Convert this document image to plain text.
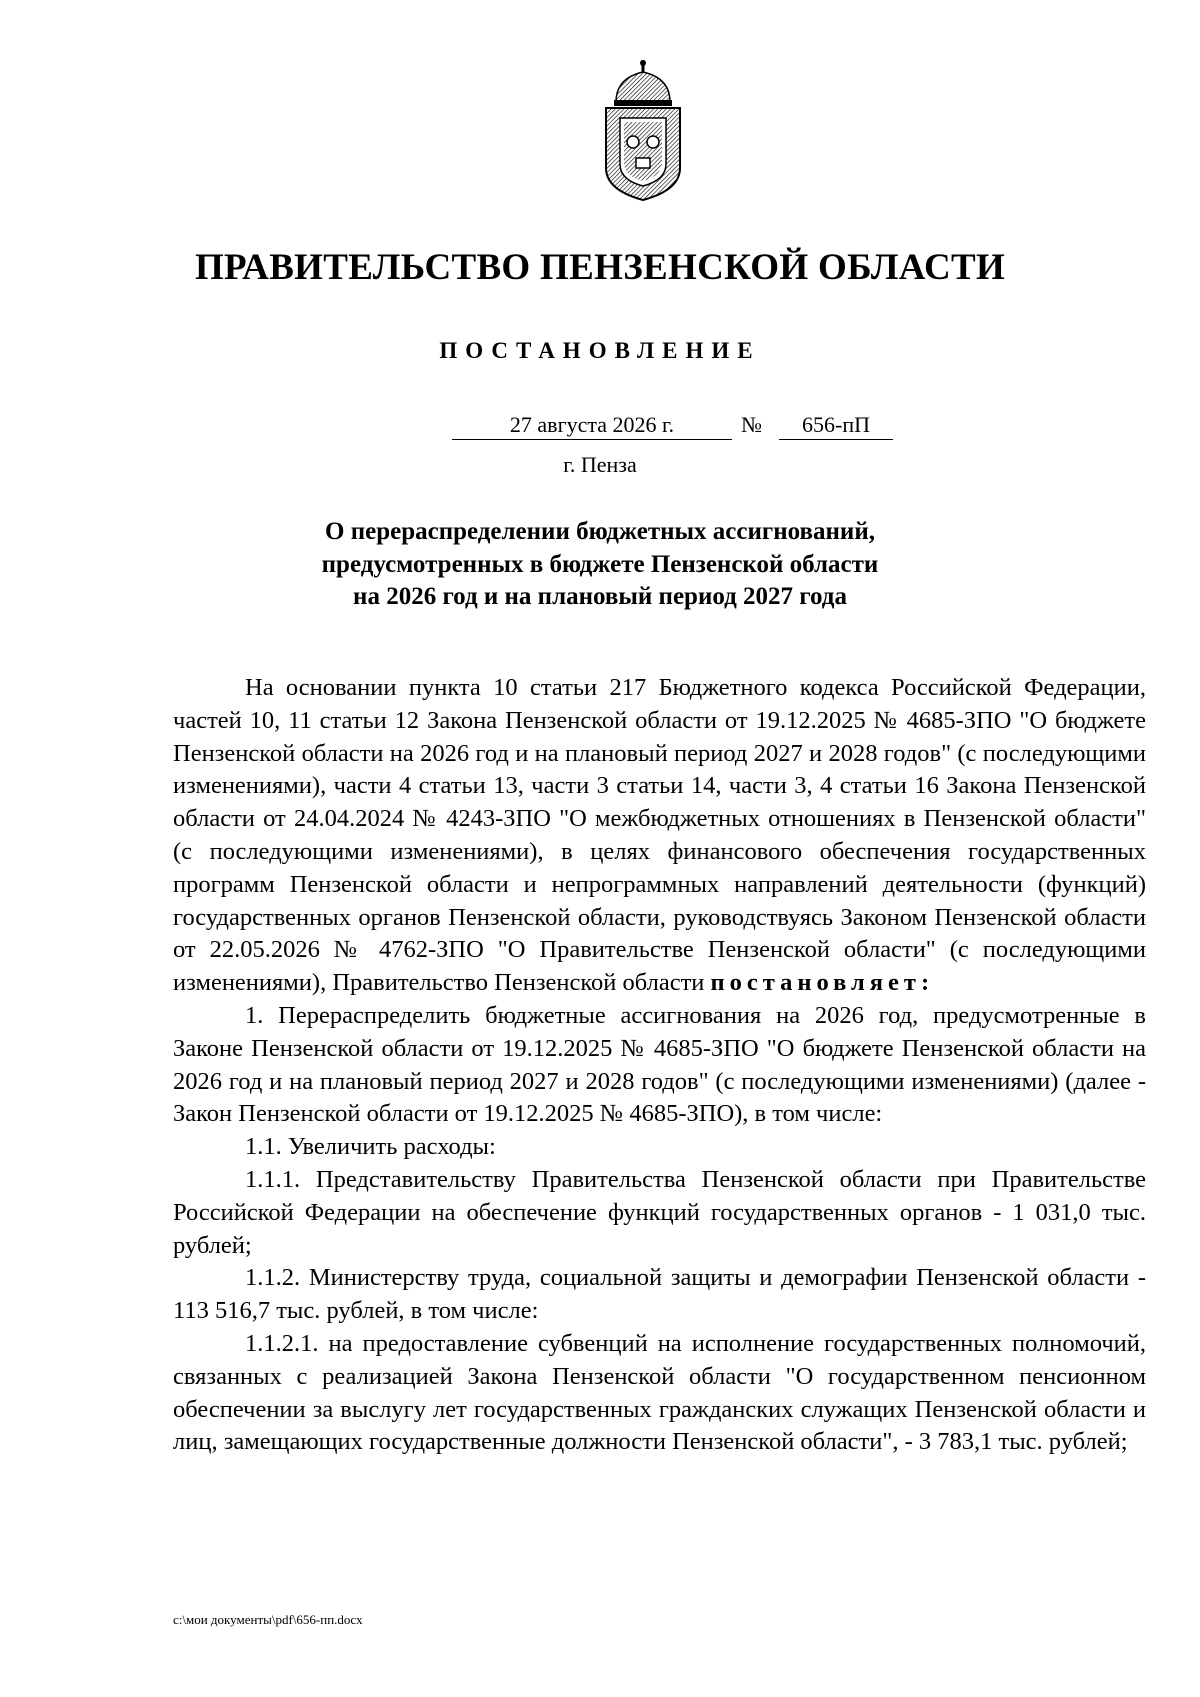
ПРАВИТЕЛЬСТВО ПЕНЗЕНСКОЙ ОБЛАСТИ
ПОСТАНОВЛЕНИЕ
27 августа 2026 г.	№	656-пП
г. Пенза
О перераспределении бюджетных ассигнований,
предусмотренных в бюджете Пензенской области
на 2026 год и на плановый период 2027 года

На основании пункта 10 статьи 217 Бюджетного кодекса Российской Федерации, частей 10, 11 статьи 12 Закона Пензенской области от 19.12.2025 № 4685-ЗПО "О бюджете Пензенской области на 2026 год и на плановый период 2027 и 2028 годов" (с последующими изменениями), части 4 статьи 13, части 3 статьи 14, части 3, 4 статьи 16 Закона Пензенской области от 24.04.2024 № 4243-ЗПО "О межбюджетных отношениях в Пензенской области" (с последующими изменениями), в целях финансового обеспечения государственных программ Пензенской области и непрограммных направлений деятельности (функций) государственных органов Пензенской области, руководствуясь Законом Пензенской области от 22.05.2026 № 4762-ЗПО "О Правительстве Пензенской области" (с последующими изменениями), Правительство Пензенской области постановляет:

1. Перераспределить бюджетные ассигнования на 2026 год, предусмотренные в Законе Пензенской области от 19.12.2025 № 4685-ЗПО "О бюджете Пензенской области на 2026 год и на плановый период 2027 и 2028 годов" (с последующими изменениями) (далее - Закон Пензенской области от 19.12.2025 № 4685-ЗПО), в том числе:

1.1. Увеличить расходы:

1.1.1. Представительству Правительства Пензенской области при Правительстве Российской Федерации на обеспечение функций государственных органов - 1 031,0 тыс. рублей;

1.1.2. Министерству труда, социальной защиты и демографии Пензенской области - 113 516,7 тыс. рублей, в том числе:

1.1.2.1. на предоставление субвенций на исполнение государственных полномочий, связанных с реализацией Закона Пензенской области "О государственном пенсионном обеспечении за выслугу лет государственных гражданских служащих Пензенской области и лиц, замещающих государственные должности Пензенской области", - 3 783,1 тыс. рублей;

c:\мои документы\pdf\656-пп.docx
